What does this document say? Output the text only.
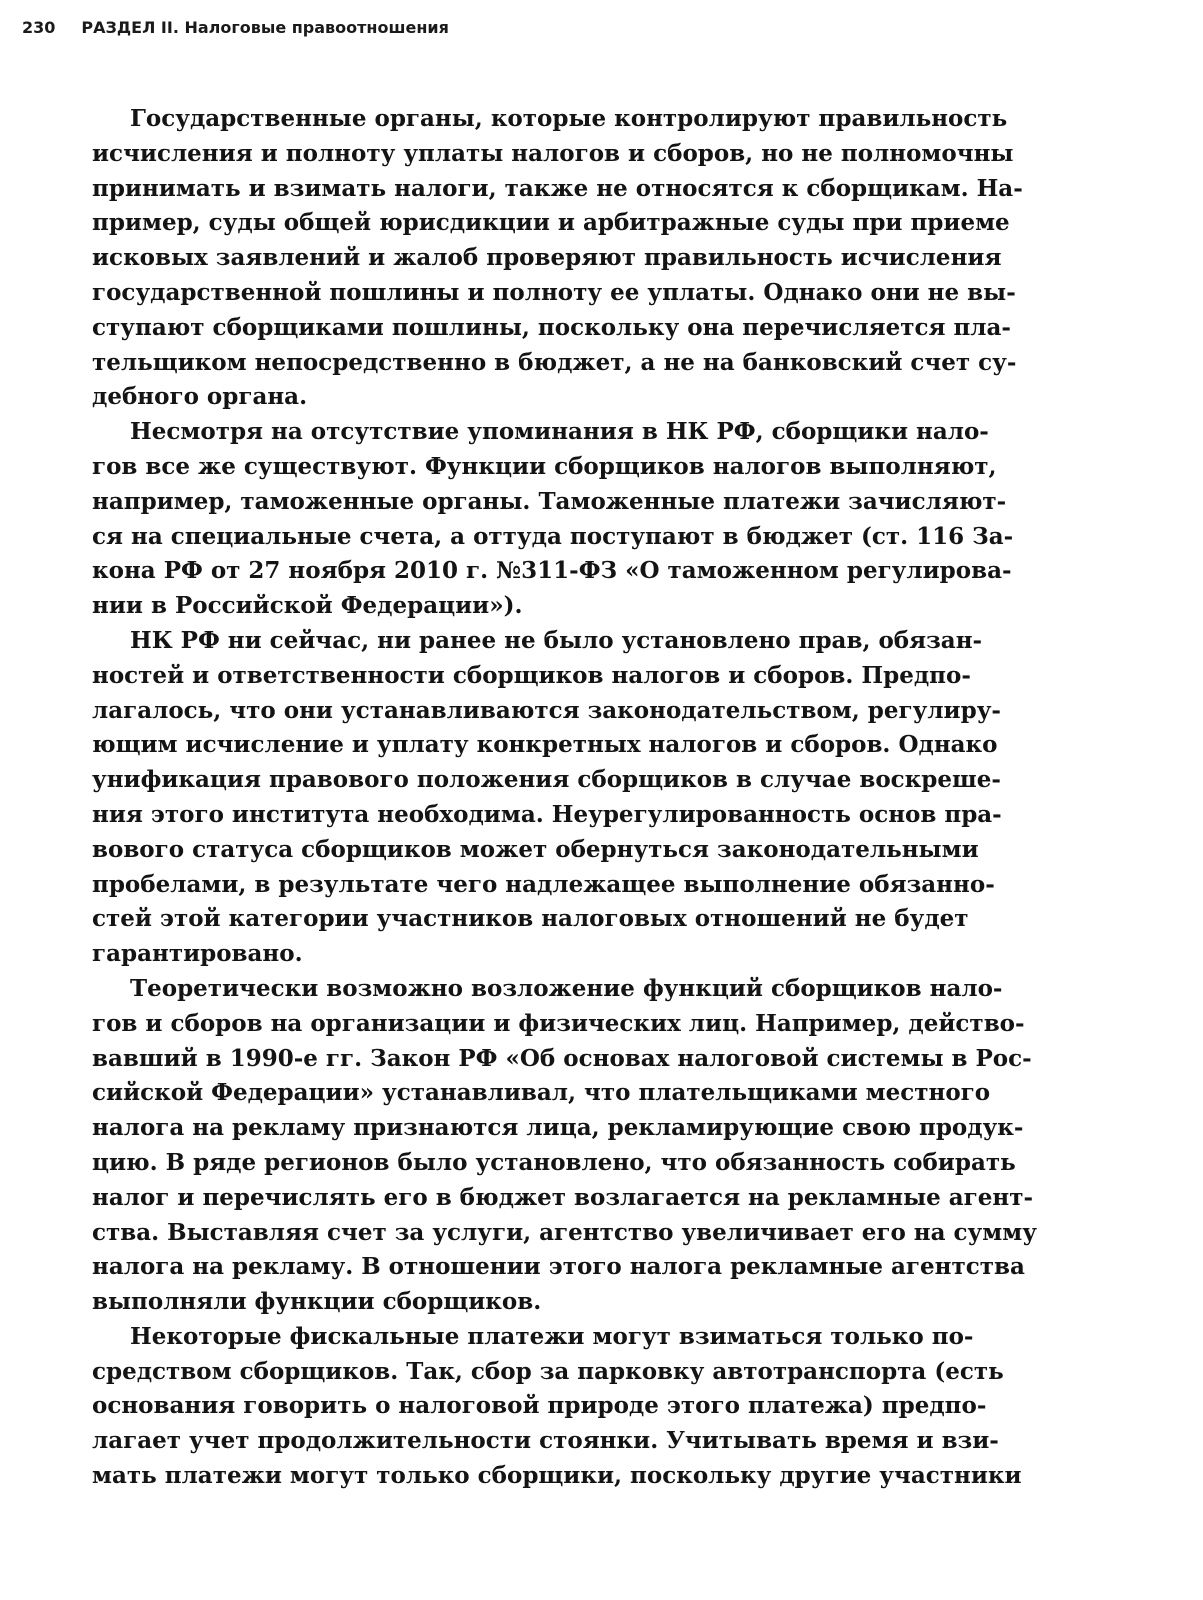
230 РАЗДЕЛ II. Налоговые правоотношения
Государственные органы, которые контролируют правильность
исчисления и полноту уплаты налогов и сборов, но не полномочны
принимать и взимать налоги, также не относятся к сборщикам. На-
пример, суды общей юрисдикции и арбитражные суды при приеме
исковых заявлений и жалоб проверяют правильность исчисления
государственной пошлины и полноту ее уплаты. Однако они не вы-
ступают сборщиками пошлины, поскольку она перечисляется пла-
тельщиком непосредственно в бюджет, а не на банковский счет су-
дебного органа.
Несмотря на отсутствие упоминания в НК РФ, сборщики нало-
гов все же существуют. Функции сборщиков налогов выполняют,
например, таможенные органы. Таможенные платежи зачисляют-
ся на специальные счета, а оттуда поступают в бюджет (ст. 116 За-
кона РФ от 27 ноября 2010 г. №311-ФЗ «О таможенном регулирова-
нии в Российской Федерации»).
НК РФ ни сейчас, ни ранее не было установлено прав, обязан-
ностей и ответственности сборщиков налогов и сборов. Предпо-
лагалось, что они устанавливаются законодательством, регулиру-
ющим исчисление и уплату конкретных налогов и сборов. Однако
унификация правового положения сборщиков в случае воскреше-
ния этого института необходима. Неурегулированность основ пра-
вового статуса сборщиков может обернуться законодательными
пробелами, в результате чего надлежащее выполнение обязанно-
стей этой категории участников налоговых отношений не будет
гарантировано.
Теоретически возможно возложение функций сборщиков нало-
гов и сборов на организации и физических лиц. Например, действо-
вавший в 1990-е гг. Закон РФ «Об основах налоговой системы в Рос-
сийской Федерации» устанавливал, что плательщиками местного
налога на рекламу признаются лица, рекламирующие свою продук-
цию. В ряде регионов было установлено, что обязанность собирать
налог и перечислять его в бюджет возлагается на рекламные агент-
ства. Выставляя счет за услуги, агентство увеличивает его на сумму
налога на рекламу. В отношении этого налога рекламные агентства
выполняли функции сборщиков.
Некоторые фискальные платежи могут взиматься только по-
средством сборщиков. Так, сбор за парковку автотранспорта (есть
основания говорить о налоговой природе этого платежа) предпо-
лагает учет продолжительности стоянки. Учитывать время и взи-
мать платежи могут только сборщики, поскольку другие участники
